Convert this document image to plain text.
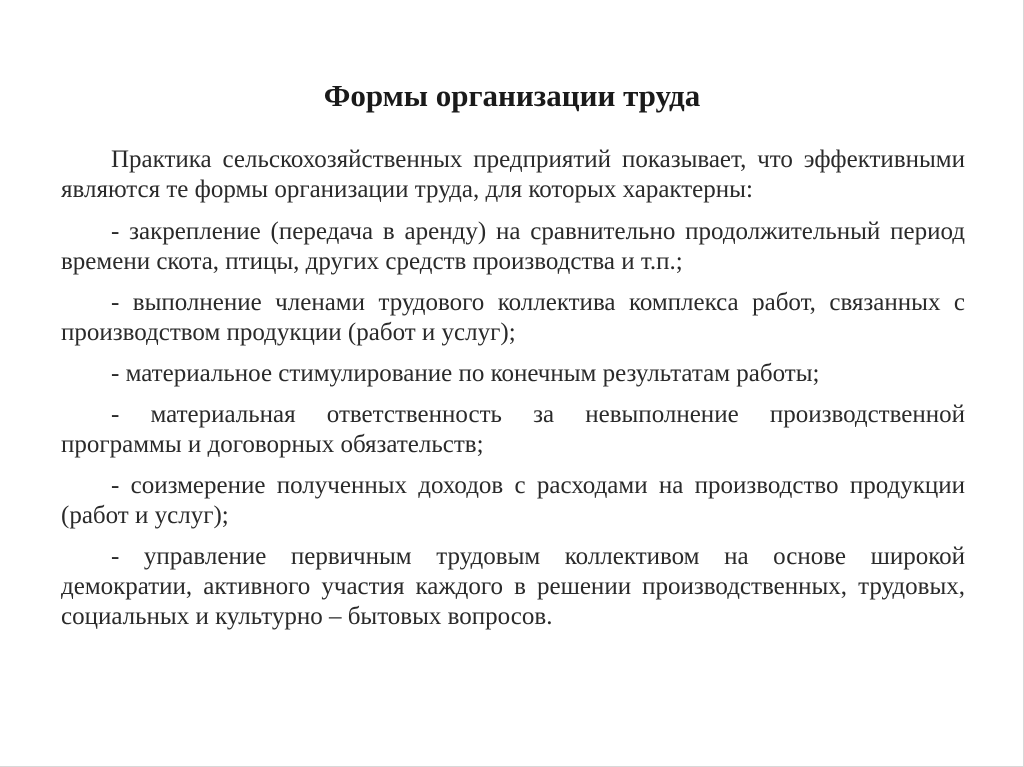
Формы организации труда

Практика сельскохозяйственных предприятий показывает, что эффективными являются те формы организации труда, для которых характерны:

- закрепление (передача в аренду) на сравнительно продолжительный период времени скота, птицы, других средств производства и т.п.;
- выполнение членами трудового коллектива комплекса работ, связанных с производством продукции (работ и услуг);
- материальное стимулирование по конечным результатам работы;
- материальная ответственность за невыполнение производственной программы и договорных обязательств;
- соизмерение полученных доходов с расходами на производство продукции (работ и услуг);
- управление первичным трудовым коллективом на основе широкой демократии, активного участия каждого в решении производственных, трудовых, социальных и культурно – бытовых вопросов.
